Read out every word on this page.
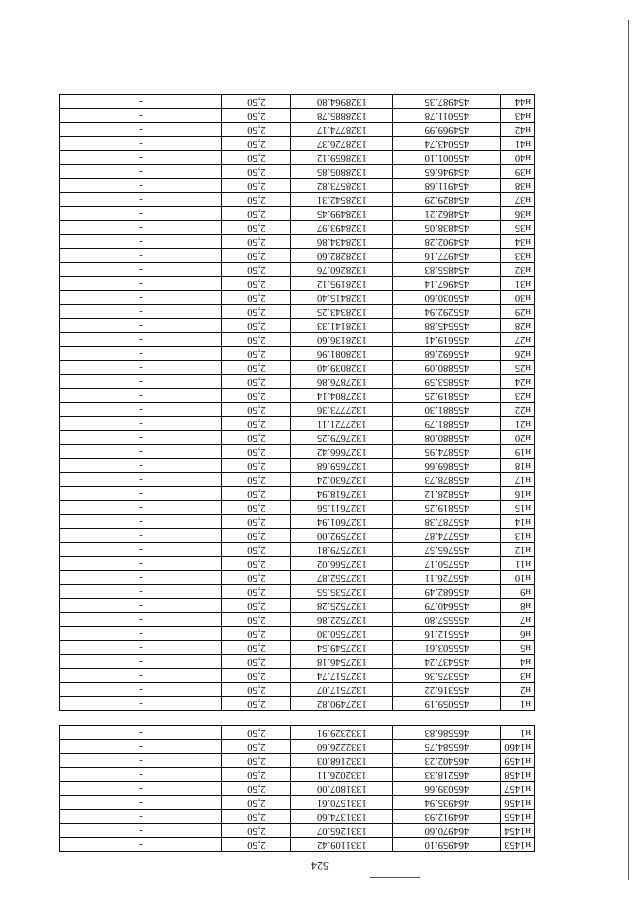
н1453	464959.10	1331109.42	2,50	-
н1454	464970.60	1331265.07	2,50	-
н1455	464912.93	1331374.60	2,50	-
н1456	464935.94	1331570.61	2,50	-
н1457	465039.66	1331807.00	2,50	-
н1458	465218.33	1332026.11	2,50	-
н1459	465402.23	1332168.03	2,50	-
н1460	465584.75	1332226.60	2,50	-
н1	465586.83	1332329.91	2,50	-

н1	455059.19	1327490.82	2,50	-
н2	455316.22	1327517.07	2,50	-
н3	455375.36	1327517.74	2,50	-
н4	455437.24	1327546.18	2,50	-
н5	455503.61	1327549.54	2,50	-
н6	455512.16	1327550.30	2,50	-
н7	455557.80	1327522.86	2,50	-
н8	455640.79	1327525.28	2,50	-
н9	455682.49	1327535.55	2,50	-
н10	455726.11	1327552.87	2,50	-
н11	455750.17	1327566.02	2,50	-
н12	455765.57	1327579.81	2,50	-
н13	455774.87	1327592.00	2,50	-
н14	455787.38	1327601.94	2,50	-
н15	455819.25	1327611.56	2,50	-
н16	455828.12	1327618.94	2,50	-
н17	455878.73	1327630.24	2,50	-
н18	455869.66	1327659.68	2,50	-
н19	455874.95	1327666.42	2,50	-
н20	455880.08	1327679.25	2,50	-
н21	455881.79	1327721.11	2,50	-
н22	455881.30	1327773.36	2,50	-
н23	455819.25	1327804.14	2,50	-
н24	455853.59	1327876.86	2,50	-
н25	455880.09	1328039.40	2,50	-
н26	455692.68	1328081.96	2,50	-
н27	455619.41	1328136.60	2,50	-
н28	455545.88	1328141.33	2,50	-
н29	455292.94	1328343.25	2,50	-
н30	455030.60	1328415.40	2,50	-
н31	454967.14	1328195.12	2,50	-
н32	454855.83	1328260.76	2,50	-
н33	454977.16	1328282.60	2,50	-
н34	454902.28	1328434.86	2,50	-
н35	454838.05	1328493.97	2,50	-
н36	454862.21	1328499.45	2,50	-
н37	454829.29	1328542.31	2,50	-
н38	454911.68	1328573.82	2,50	-
н39	454946.65	1328805.85	2,50	-
н40	455001.10	1328659.12	2,50	-
н41	455043.74	1328726.37	2,50	-
н42	454969.99	1328774.17	2,50	-
н43	455011.78	1328885.78	2,50	-
н44	454987.35	1328964.80	2,50	-
524
